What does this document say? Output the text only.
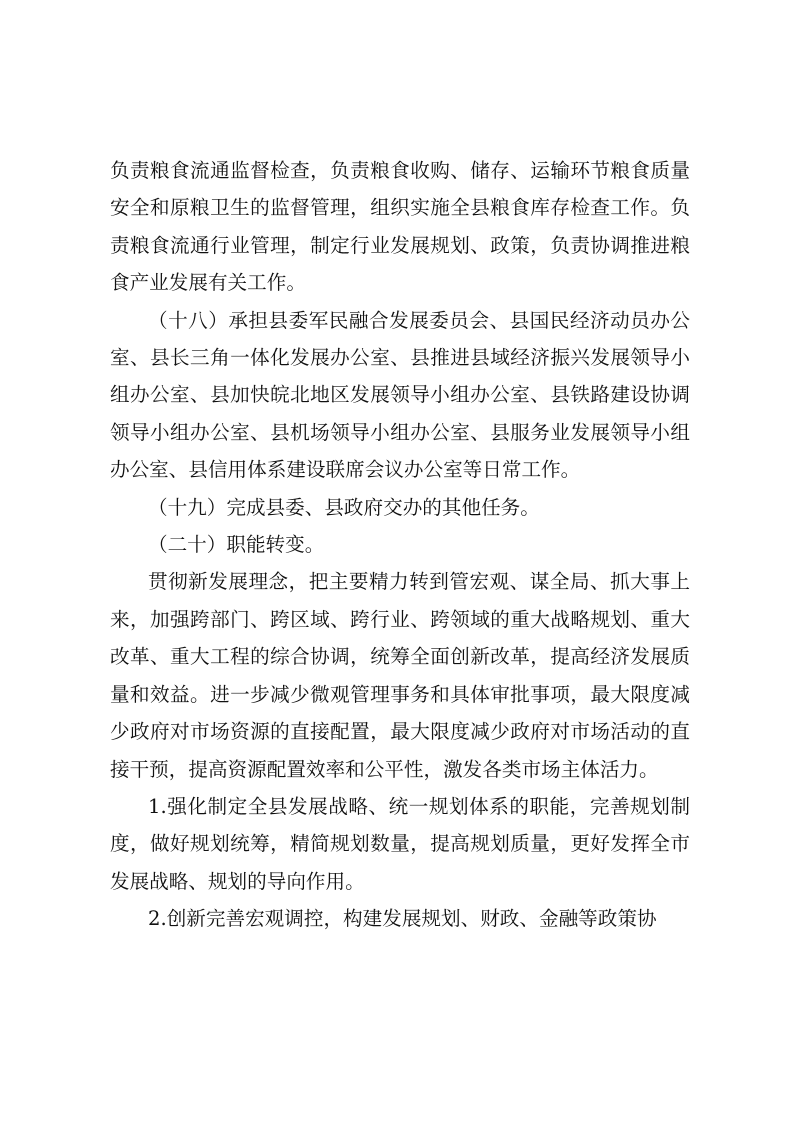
负责粮食流通监督检查，负责粮食收购、储存、运输环节粮食质量安全和原粮卫生的监督管理，组织实施全县粮食库存检查工作。负责粮食流通行业管理，制定行业发展规划、政策，负责协调推进粮食产业发展有关工作。

（十八）承担县委军民融合发展委员会、县国民经济动员办公室、县长三角一体化发展办公室、县推进县域经济振兴发展领导小组办公室、县加快皖北地区发展领导小组办公室、县铁路建设协调领导小组办公室、县机场领导小组办公室、县服务业发展领导小组办公室、县信用体系建设联席会议办公室等日常工作。

（十九）完成县委、县政府交办的其他任务。

（二十）职能转变。

贯彻新发展理念，把主要精力转到管宏观、谋全局、抓大事上来，加强跨部门、跨区域、跨行业、跨领域的重大战略规划、重大改革、重大工程的综合协调，统筹全面创新改革，提高经济发展质量和效益。进一步减少微观管理事务和具体审批事项，最大限度减少政府对市场资源的直接配置，最大限度减少政府对市场活动的直接干预，提高资源配置效率和公平性，激发各类市场主体活力。

1.强化制定全县发展战略、统一规划体系的职能，完善规划制度，做好规划统筹，精简规划数量，提高规划质量，更好发挥全市发展战略、规划的导向作用。

2.创新完善宏观调控，构建发展规划、财政、金融等政策协
